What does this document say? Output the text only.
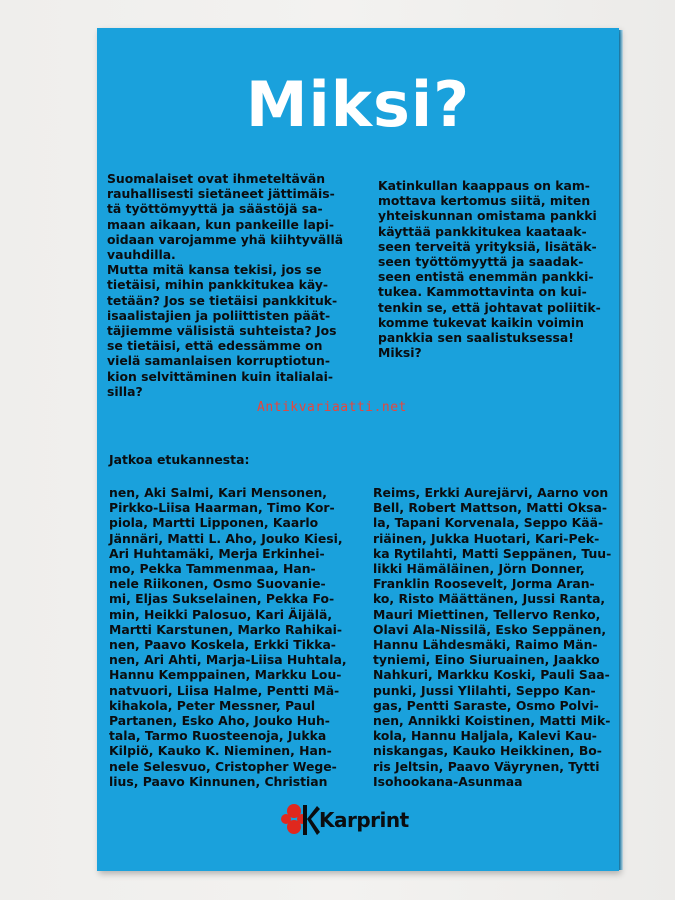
Miksi?

Suomalaiset ovat ihmeteltävän
rauhallisesti sietäneet jättimäis-
tä työttömyyttä ja säästöjä sa-
maan aikaan, kun pankeille lapi-
oidaan varojamme yhä kiihtyvällä
vauhdilla.
Mutta mitä kansa tekisi, jos se
tietäisi, mihin pankkitukea käy-
tetään? Jos se tietäisi pankkituk-
isaalistajien ja poliittisten päät-
täjiemme välisistä suhteista? Jos
se tietäisi, että edessämme on
vielä samanlaisen korruptiotun-
kion selvittäminen kuin italialai-
silla?

Katinkullan kaappaus on kam-
mottava kertomus siitä, miten
yhteiskunnan omistama pankki
käyttää pankkitukea kaataak-
seen terveitä yrityksiä, lisätäk-
seen työttömyyttä ja saadak-
seen entistä enemmän pankki-
tukea. Kammottavinta on kui-
tenkin se, että johtavat poliitik-
komme tukevat kaikin voimin
pankkia sen saalistuksessa!
Miksi?

Antikvariaatti.net

Jatkoa etukannesta:

nen, Aki Salmi, Kari Mensonen,
Pirkko-Liisa Haarman, Timo Kor-
piola, Martti Lipponen, Kaarlo
Jännäri, Matti L. Aho, Jouko Kiesi,
Ari Huhtamäki, Merja Erkinhei-
mo, Pekka Tammenmaa, Han-
nele Riikonen, Osmo Suovanie-
mi, Eljas Sukselainen, Pekka Fo-
min, Heikki Palosuo, Kari Äijälä,
Martti Karstunen, Marko Rahikai-
nen, Paavo Koskela, Erkki Tikka-
nen, Ari Ahti, Marja-Liisa Huhtala,
Hannu Kemppainen, Markku Lou-
natvuori, Liisa Halme, Pentti Mä-
kihakola, Peter Messner, Paul
Partanen, Esko Aho, Jouko Huh-
tala, Tarmo Ruosteenoja, Jukka
Kilpiö, Kauko K. Nieminen, Han-
nele Selesvuo, Cristopher Wege-
lius, Paavo Kinnunen, Christian

Reims, Erkki Aurejärvi, Aarno von
Bell, Robert Mattson, Matti Oksa-
la, Tapani Korvenala, Seppo Kää-
riäinen, Jukka Huotari, Kari-Pek-
ka Rytilahti, Matti Seppänen, Tuu-
likki Hämäläinen, Jörn Donner,
Franklin Roosevelt, Jorma Aran-
ko, Risto Määttänen, Jussi Ranta,
Mauri Miettinen, Tellervo Renko,
Olavi Ala-Nissilä, Esko Seppänen,
Hannu Lähdesmäki, Raimo Män-
tyniemi, Eino Siuruainen, Jaakko
Nahkuri, Markku Koski, Pauli Saa-
punki, Jussi Ylilahti, Seppo Kan-
gas, Pentti Saraste, Osmo Polvi-
nen, Annikki Koistinen, Matti Mik-
kola, Hannu Haljala, Kalevi Kau-
niskangas, Kauko Heikkinen, Bo-
ris Jeltsin, Paavo Väyrynen, Tytti
Isohookana-Asunmaa

Karprint
